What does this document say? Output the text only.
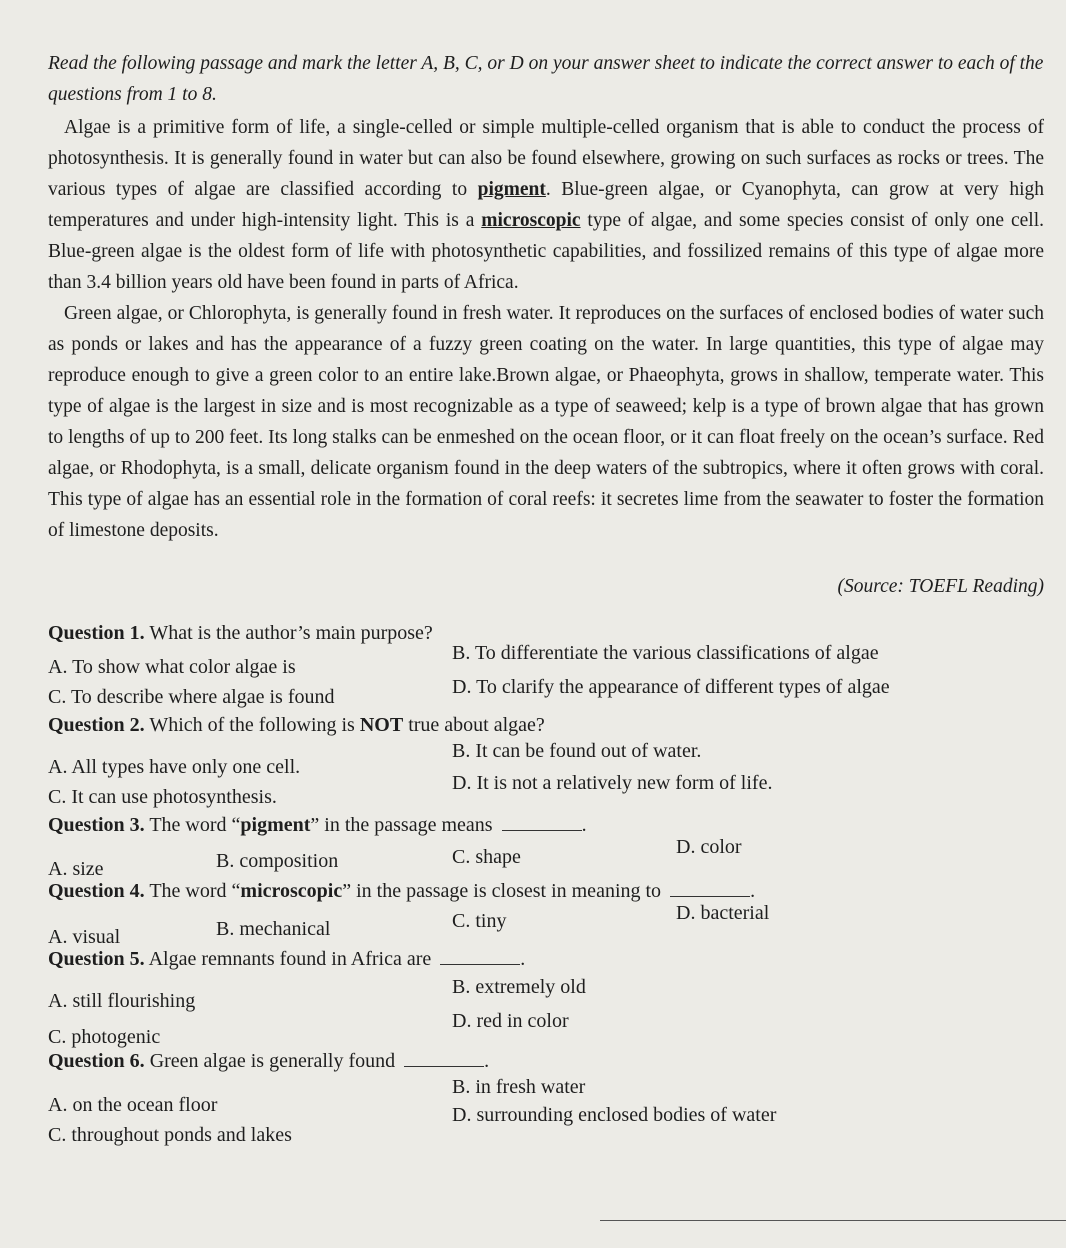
Read the following passage and mark the letter A, B, C, or D on your answer sheet to indicate the correct answer to each of the questions from 1 to 8.

Algae is a primitive form of life, a single-celled or simple multiple-celled organism that is able to conduct the process of photosynthesis. It is generally found in water but can also be found elsewhere, growing on such surfaces as rocks or trees. The various types of algae are classified according to pigment. Blue-green algae, or Cyanophyta, can grow at very high temperatures and under high-intensity light. This is a microscopic type of algae, and some species consist of only one cell. Blue-green algae is the oldest form of life with photosynthetic capabilities, and fossilized remains of this type of algae more than 3.4 billion years old have been found in parts of Africa.

Green algae, or Chlorophyta, is generally found in fresh water. It reproduces on the surfaces of enclosed bodies of water such as ponds or lakes and has the appearance of a fuzzy green coating on the water. In large quantities, this type of algae may reproduce enough to give a green color to an entire lake.Brown algae, or Phaeophyta, grows in shallow, temperate water. This type of algae is the largest in size and is most recognizable as a type of seaweed; kelp is a type of brown algae that has grown to lengths of up to 200 feet. Its long stalks can be enmeshed on the ocean floor, or it can float freely on the ocean’s surface. Red algae, or Rhodophyta, is a small, delicate organism found in the deep waters of the subtropics, where it often grows with coral. This type of algae has an essential role in the formation of coral reefs: it secretes lime from the seawater to foster the formation of limestone deposits.

(Source: TOEFL Reading)
Question 1. What is the author’s main purpose?
A. To show what color algae is
B. To differentiate the various classifications of algae
C. To describe where algae is found	D. To clarify the appearance of different types of algae
Question 2. Which of the following is NOT true about algae?
A. All types have only one cell.
B. It can be found out of water.
C. It can use photosynthesis.
D. It is not a relatively new form of life.
Question 3. The word “pigment” in the passage means	.
A. size	B. composition	C. shape	D. color
Question 4. The word “microscopic” in the passage is closest in meaning to	.
A. visual	B. mechanical	C. tiny	D. bacterial
Question 5. Algae remnants found in Africa are	.
A. still flourishing
B. extremely old
C. photogenic
D. red in color
Question 6. Green algae is generally found	.
A. on the ocean floor
B. in fresh water
C. throughout ponds and lakes
D. surrounding enclosed bodies of water
